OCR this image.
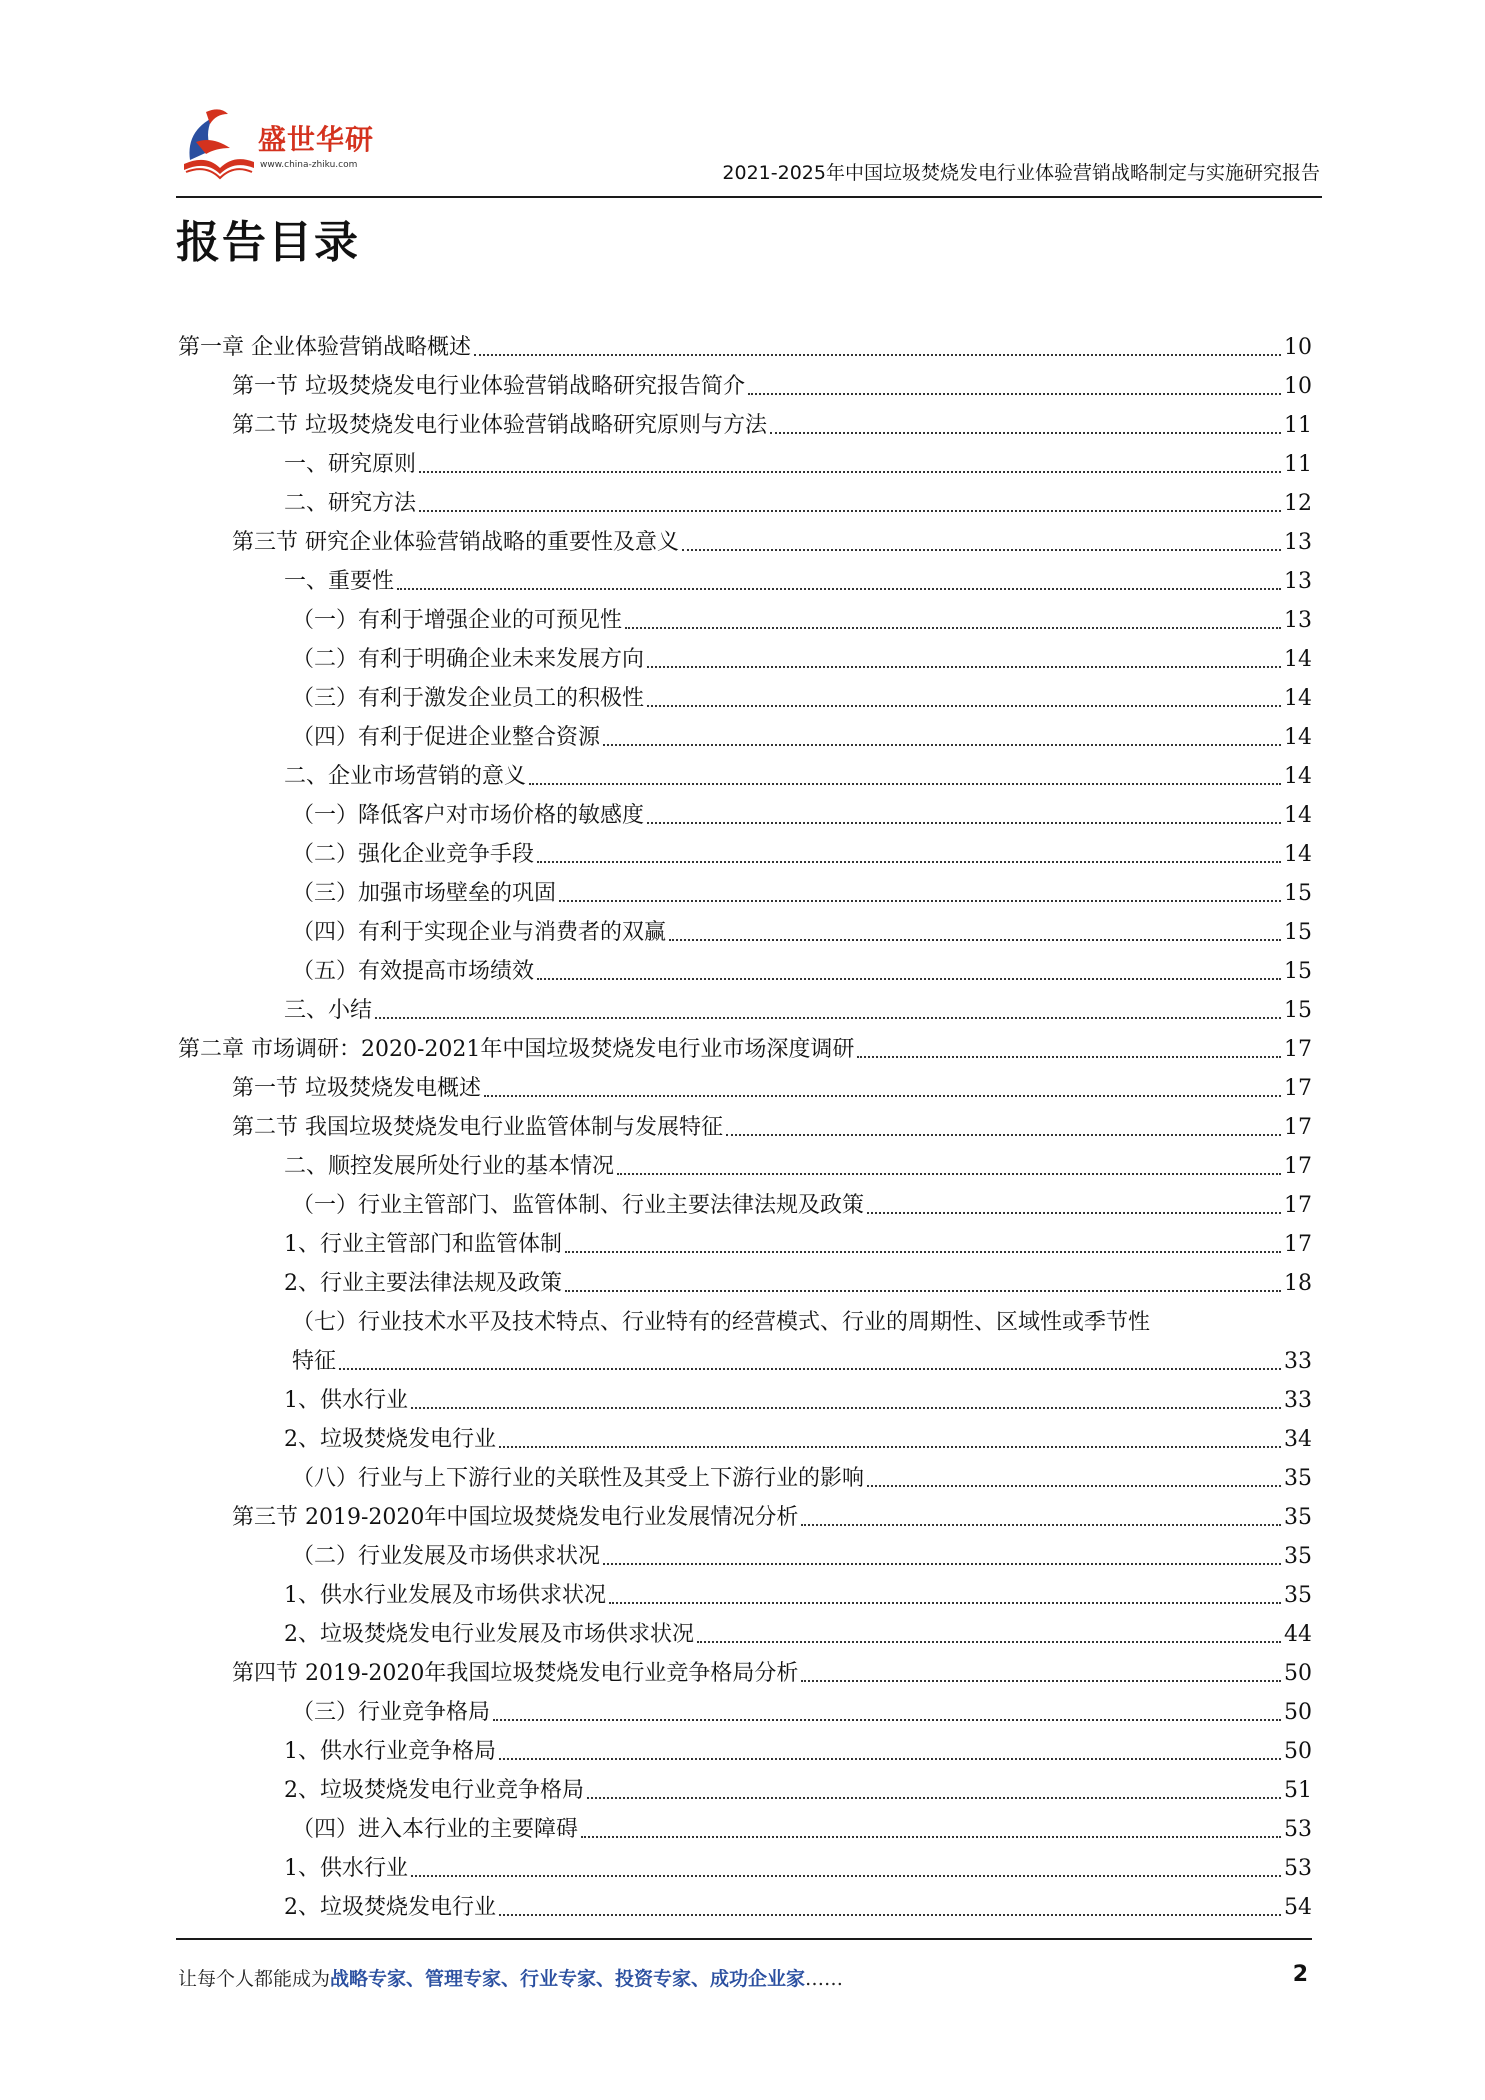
盛世华研
www.china-zhiku.com	2021-2025年中国垃圾焚烧发电行业体验营销战略制定与实施研究报告
报告目录
第一章 企业体验营销战略概述	10
第一节 垃圾焚烧发电行业体验营销战略研究报告简介	10
第二节 垃圾焚烧发电行业体验营销战略研究原则与方法	11
一、研究原则	11
二、研究方法	12
第三节 研究企业体验营销战略的重要性及意义	13
一、重要性	13
（一）有利于增强企业的可预见性	13
（二）有利于明确企业未来发展方向	14
（三）有利于激发企业员工的积极性	14
（四）有利于促进企业整合资源	14
二、企业市场营销的意义	14
（一）降低客户对市场价格的敏感度	14
（二）强化企业竞争手段	14
（三）加强市场壁垒的巩固	15
（四）有利于实现企业与消费者的双赢	15
（五）有效提高市场绩效	15
三、小结	15
第二章 市场调研：2020-2021年中国垃圾焚烧发电行业市场深度调研	17
第一节 垃圾焚烧发电概述	17
第二节 我国垃圾焚烧发电行业监管体制与发展特征	17
二、顺控发展所处行业的基本情况	17
（一）行业主管部门、监管体制、行业主要法律法规及政策	17
1、行业主管部门和监管体制	17
2、行业主要法律法规及政策	18
（七）行业技术水平及技术特点、行业特有的经营模式、行业的周期性、区域性或季节性
特征	33
1、供水行业	33
2、垃圾焚烧发电行业	34
（八）行业与上下游行业的关联性及其受上下游行业的影响	35
第三节 2019-2020年中国垃圾焚烧发电行业发展情况分析	35
（二）行业发展及市场供求状况	35
1、供水行业发展及市场供求状况	35
2、垃圾焚烧发电行业发展及市场供求状况	44
第四节 2019-2020年我国垃圾焚烧发电行业竞争格局分析	50
（三）行业竞争格局	50
1、供水行业竞争格局	50
2、垃圾焚烧发电行业竞争格局	51
（四）进入本行业的主要障碍	53
1、供水行业	53
2、垃圾焚烧发电行业	54
让每个人都能成为战略专家、管理专家、行业专家、投资专家、成功企业家……	2
